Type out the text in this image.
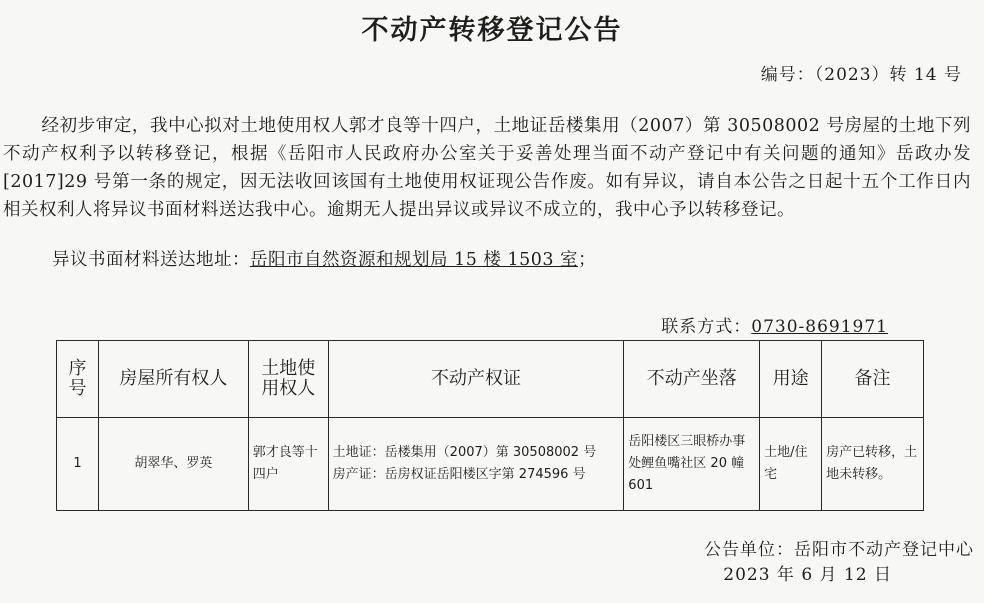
不动产转移登记公告
编号：（2023）转 14 号

经初步审定，我中心拟对土地使用权人郭才良等十四户，土地证岳楼集用（2007）第 30508002 号房屋的土地下列不动产权利予以转移登记，根据《岳阳市人民政府办公室关于妥善处理当面不动产登记中有关问题的通知》岳政办发[2017]29 号第一条的规定，因无法收回该国有土地使用权证现公告作废。如有异议，请自本公告之日起十五个工作日内相关权利人将异议书面材料送达我中心。逾期无人提出异议或异议不成立的，我中心予以转移登记。

异议书面材料送达地址：岳阳市自然资源和规划局 15 楼 1503 室；
联系方式：0730-8691971
序号	房屋所有权人	土地使用权人	不动产权证	不动产坐落	用途	备注
1	胡翠华、罗英	郭才良等十四户	土地证：岳楼集用（2007）第 30508002 号
房产证：岳房权证岳阳楼区字第 274596 号	岳阳楼区三眼桥办事处鲤鱼嘴社区 20 幢 601	土地/住宅	房产已转移，土地未转移。
公告单位：岳阳市不动产登记中心
2023 年 6 月 12 日
